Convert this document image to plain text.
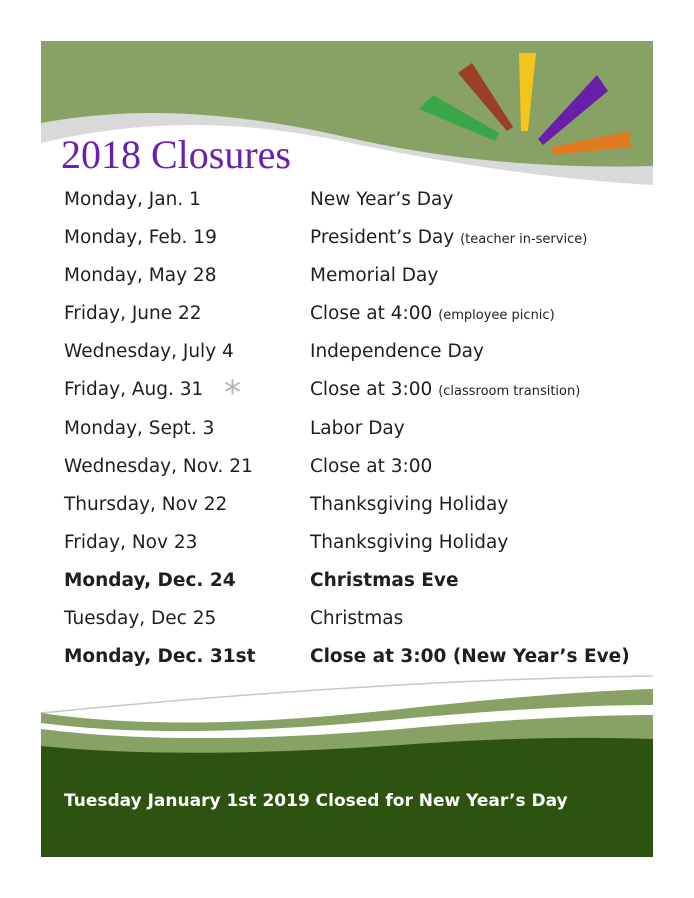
2018 Closures
Monday, Jan. 1	New Year’s Day
Monday, Feb. 19	President’s Day (teacher in-service)
Monday, May 28	Memorial Day
Friday, June 22	Close at 4:00 (employee picnic)
Wednesday, July 4	Independence Day
Friday, Aug. 31	Close at 3:00 (classroom transition)
Monday, Sept. 3	Labor Day
Wednesday, Nov. 21	Close at 3:00
Thursday, Nov 22	Thanksgiving Holiday
Friday, Nov 23	Thanksgiving Holiday
Monday, Dec. 24	Christmas Eve
Tuesday, Dec 25	Christmas
Monday, Dec. 31st	Close at 3:00 (New Year’s Eve)
*
Tuesday January 1st 2019 Closed for New Year’s Day
